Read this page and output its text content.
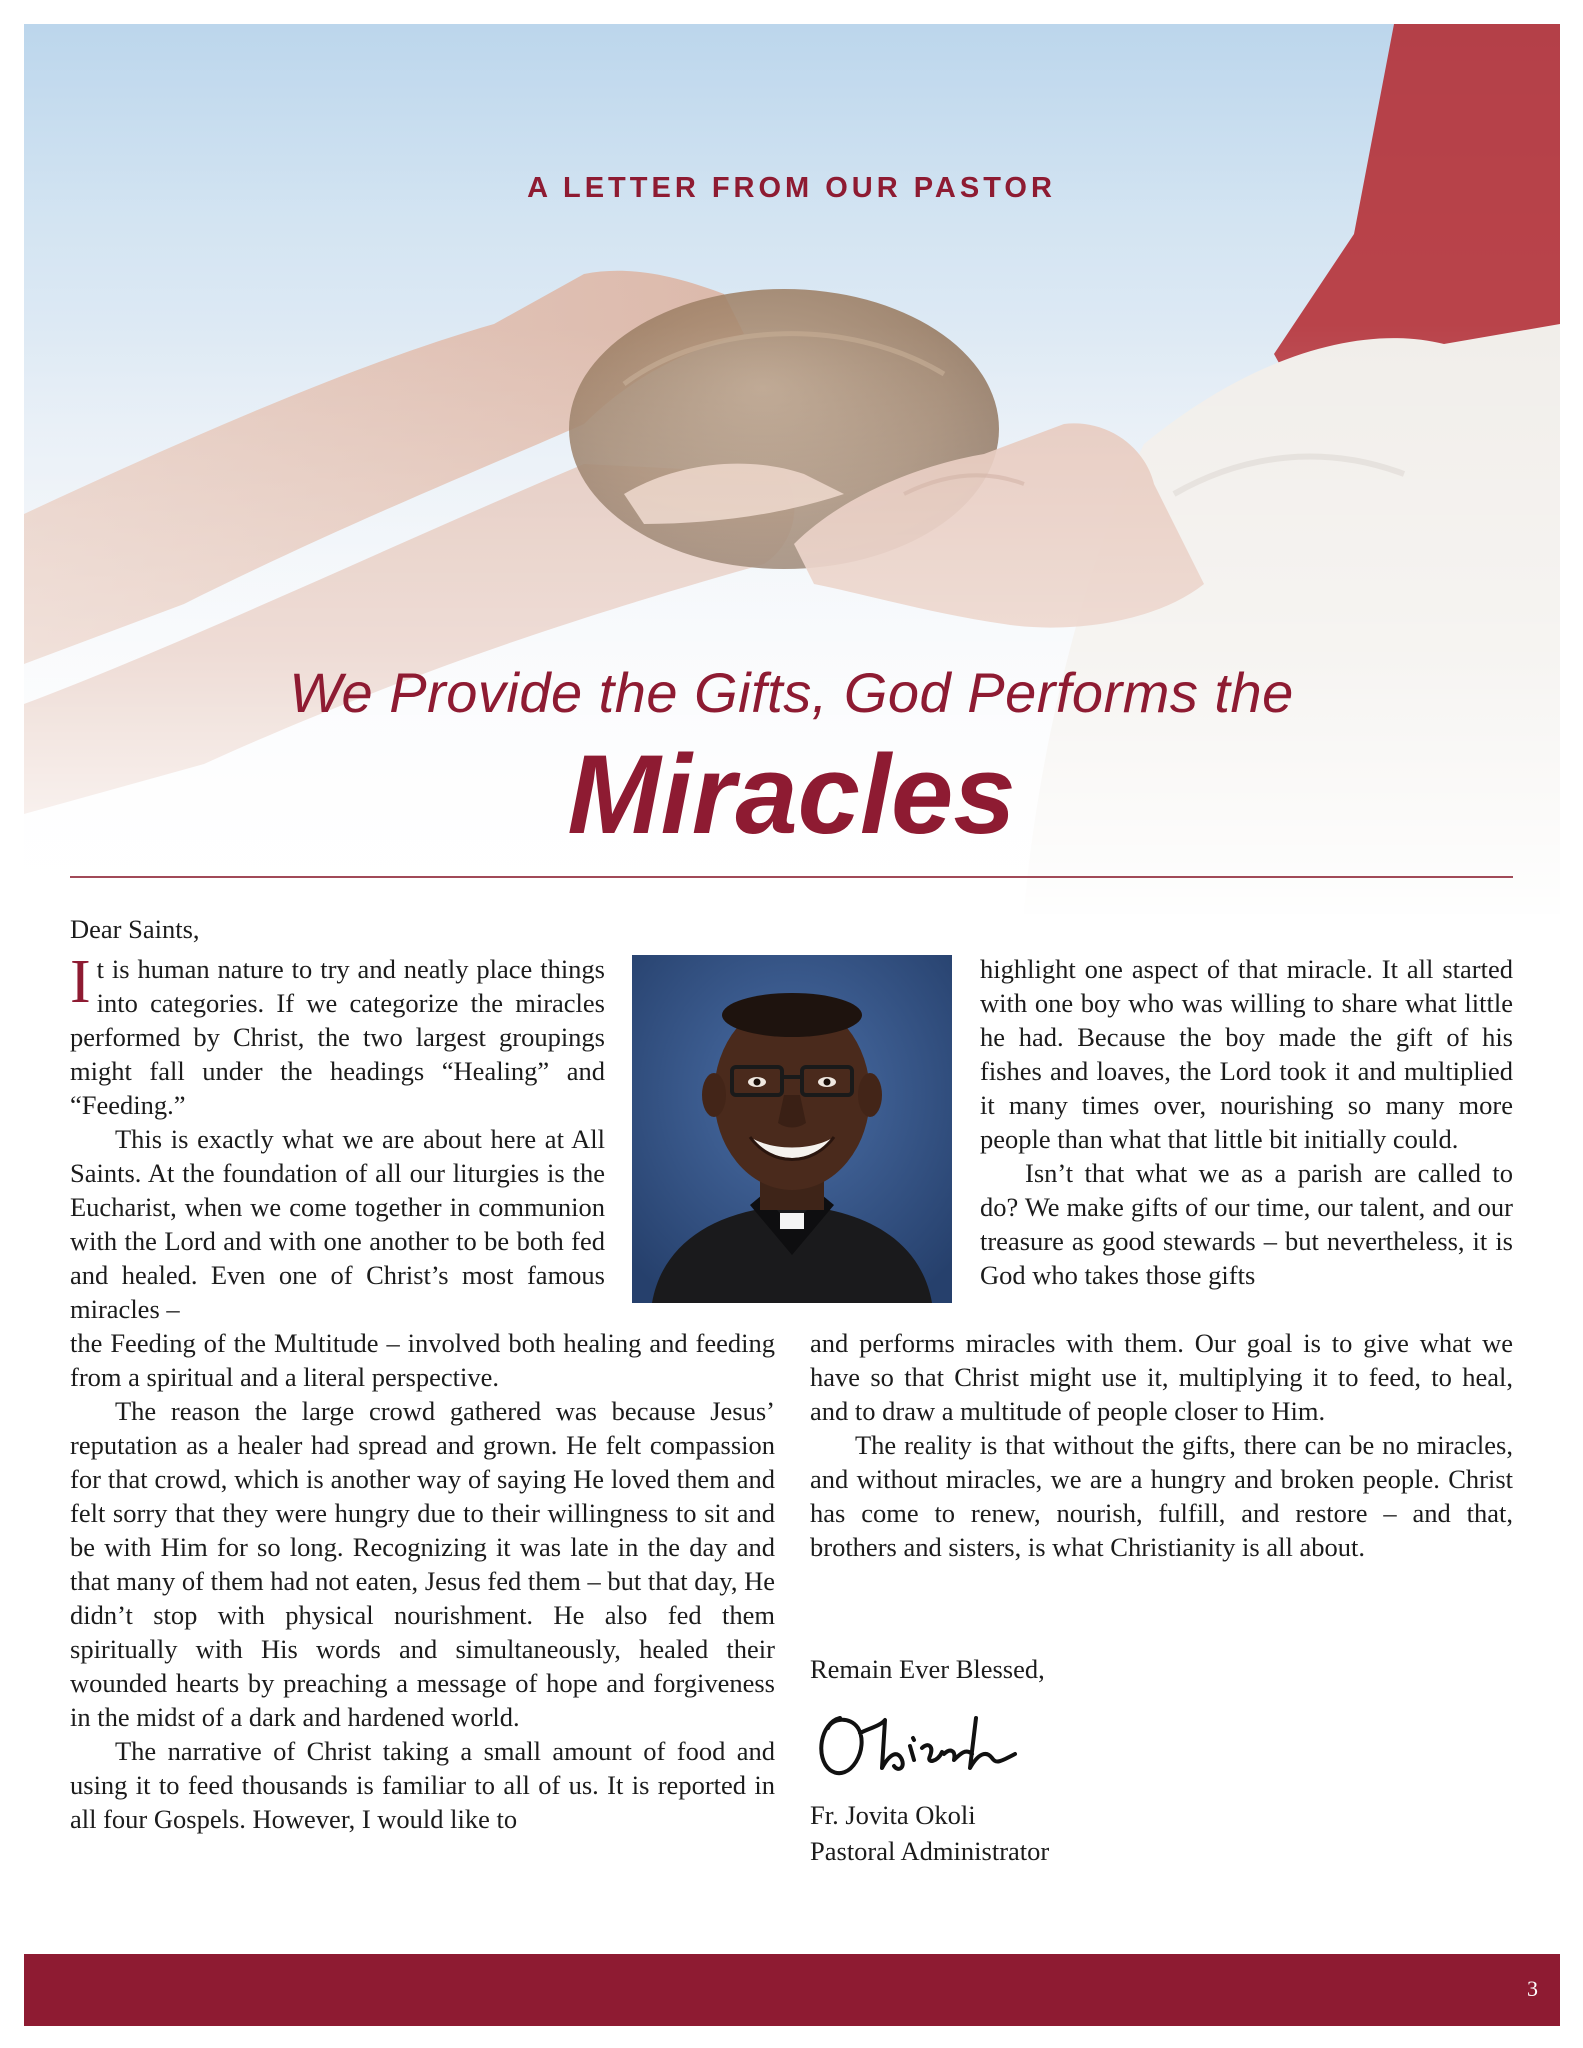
A LETTER FROM OUR PASTOR
We Provide the Gifts, God Performs the
Miracles
Dear Saints,

It is human nature to try and neatly place things into categories. If we categorize the miracles performed by Christ, the two largest groupings might fall under the headings “Healing” and “Feeding.”

This is exactly what we are about here at All Saints. At the foundation of all our liturgies is the Eucharist, when we come together in communion with the Lord and with one another to be both fed and healed. Even one of Christ’s most famous miracles –

the Feeding of the Multitude – involved both healing and feeding from a spiritual and a literal perspective.

The reason the large crowd gathered was because Jesus’ reputation as a healer had spread and grown. He felt compassion for that crowd, which is another way of saying He loved them and felt sorry that they were hungry due to their willingness to sit and be with Him for so long. Recognizing it was late in the day and that many of them had not eaten, Jesus fed them – but that day, He didn’t stop with physical nourishment. He also fed them spiritually with His words and simultaneously, healed their wounded hearts by preaching a message of hope and forgiveness in the midst of a dark and hardened world.

The narrative of Christ taking a small amount of food and using it to feed thousands is familiar to all of us. It is reported in all four Gospels. However, I would like to

highlight one aspect of that miracle. It all started with one boy who was willing to share what little he had. Because the boy made the gift of his fishes and loaves, the Lord took it and multiplied it many times over, nourishing so many more people than what that little bit initially could.

Isn’t that what we as a parish are called to do? We make gifts of our time, our talent, and our treasure as good stewards – but nevertheless, it is God who takes those gifts

and performs miracles with them. Our goal is to give what we have so that Christ might use it, multiplying it to feed, to heal, and to draw a multitude of people closer to Him.

The reality is that without the gifts, there can be no miracles, and without miracles, we are a hungry and broken people. Christ has come to renew, nourish, fulfill, and restore – and that, brothers and sisters, is what Christianity is all about.

Remain Ever Blessed,
Fr. Jovita Okoli
Pastoral Administrator
3
